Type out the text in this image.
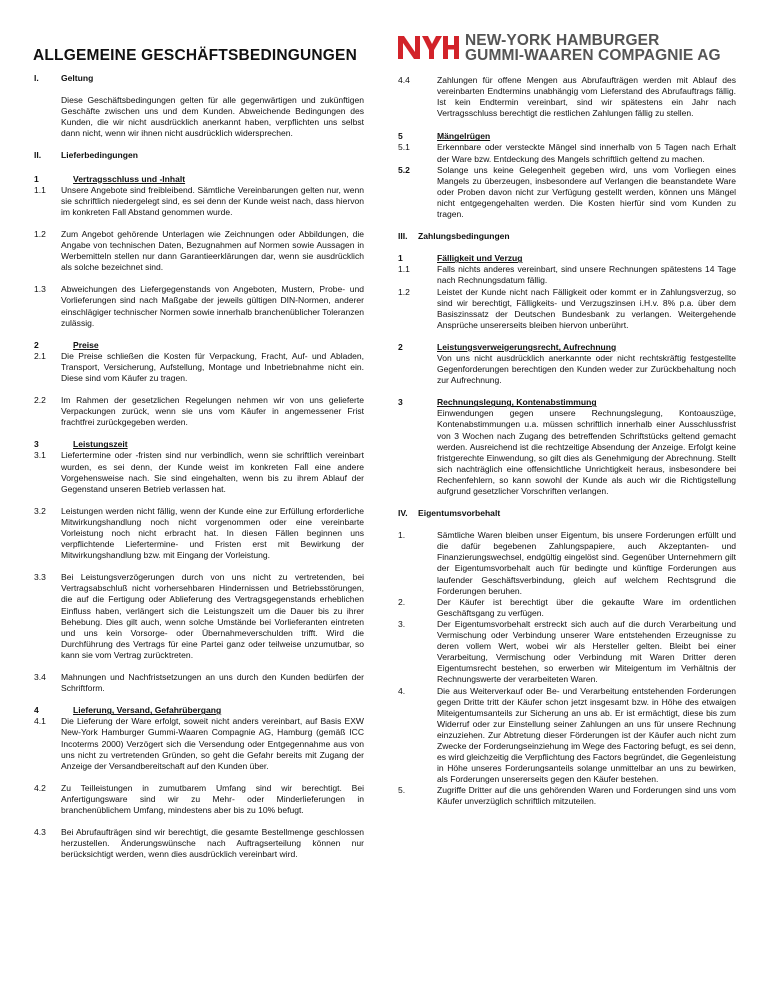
ALLGEMEINE GESCHÄFTSBEDINGUNGEN
NEW-YORK HAMBURGER
GUMMI-WAAREN COMPAGNIE AG
I.	Geltung
Diese Geschäftsbedingungen gelten für alle gegenwärtigen und zukünftigen Geschäfte zwischen uns und dem Kunden. Abweichende Bedingungen des Kunden, die wir nicht ausdrücklich anerkannt haben, verpflichten uns selbst dann nicht, wenn wir ihnen nicht ausdrücklich widersprechen.
II. Lieferbedingungen
1	Vertragsschluss und -Inhalt
1.1 Unsere Angebote sind freibleibend. Sämtliche Vereinbarungen gelten nur, wenn sie schriftlich niedergelegt sind, es sei denn der Kunde weist nach, dass hiervon im konkreten Fall Abstand genommen wurde.
1.2 Zum Angebot gehörende Unterlagen wie Zeichnungen oder Abbildungen, die Angabe von technischen Daten, Bezugnahmen auf Normen sowie Aussagen in Werbemitteln stellen nur dann Garantieerklärungen dar, wenn sie ausdrücklich als solche bezeichnet sind.
1.3 Abweichungen des Liefergegenstands von Angeboten, Mustern, Probe- und Vorlieferungen sind nach Maßgabe der jeweils gültigen DIN-Normen, anderer einschlägiger technischer Normen sowie innerhalb branchenüblicher Toleranzen zulässig.
2	Preise
2.1 Die Preise schließen die Kosten für Verpackung, Fracht, Auf- und Abladen, Transport, Versicherung, Aufstellung, Montage und Inbetriebnahme nicht ein. Diese sind vom Käufer zu tragen.
2.2 Im Rahmen der gesetzlichen Regelungen nehmen wir von uns gelieferte Verpackungen zurück, wenn sie uns vom Käufer in angemessener Frist frachtfrei zurückgegeben werden.
3	Leistungszeit
3.1 Liefertermine oder -fristen sind nur verbindlich, wenn sie schriftlich vereinbart wurden, es sei denn, der Kunde weist im konkreten Fall eine andere Vorgehensweise nach. Sie sind eingehalten, wenn bis zu ihrem Ablauf der Gegenstand unseren Betrieb verlassen hat.
3.2 Leistungen werden nicht fällig, wenn der Kunde eine zur Erfüllung erforderliche Mitwirkungshandlung noch nicht vorgenommen oder eine vereinbarte Vorleistung noch nicht erbracht hat. In diesen Fällen beginnen uns verpflichtende Liefertermine- und Fristen erst mit Bewirkung der Mitwirkungshandlung bzw. mit Eingang der Vorleistung.
3.3 Bei Leistungsverzögerungen durch von uns nicht zu vertretenden, bei Vertragsabschluß nicht vorhersehbaren Hindernissen und Betriebsstörungen, die auf die Fertigung oder Ablieferung des Vertragsgegenstands erheblichen Einfluss haben, verlängert sich die Leistungszeit um die Dauer bis zu ihrer Behebung. Dies gilt auch, wenn solche Umstände bei Vorlieferanten eintreten und uns kein Vorsorge- oder Übernahmeverschulden trifft. Wird die Durchführung des Vertrags für eine Partei ganz oder teilweise unzumutbar, so kann sie vom Vertrag zurücktreten.
3.4 Mahnungen und Nachfristsetzungen an uns durch den Kunden bedürfen der Schriftform.
4	Lieferung, Versand, Gefahrübergang
4.1 Die Lieferung der Ware erfolgt, soweit nicht anders vereinbart, auf Basis EXW New-York Hamburger Gummi-Waaren Compagnie AG, Hamburg (gemäß ICC Incoterms 2000) Verzögert sich die Versendung oder Entgegennahme aus von uns nicht zu vertretenden Gründen, so geht die Gefahr bereits mit Zugang der Anzeige der Versandbereitschaft auf den Kunden über.
4.2 Zu Teilleistungen in zumutbarem Umfang sind wir berechtigt. Bei Anfertigungsware sind wir zu Mehr- oder Minderlieferungen in branchenüblichem Umfang, mindestens aber bis zu 10% befugt.
4.3 Bei Abrufaufträgen sind wir berechtigt, die gesamte Bestellmenge geschlossen herzustellen. Änderungswünsche nach Auftragserteilung können nur berücksichtigt werden, wenn dies ausdrücklich vereinbart wird.
4.4	Zahlungen für offene Mengen aus Abrufaufträgen werden mit Ablauf des vereinbarten Endtermins unabhängig vom Lieferstand des Abrufauftrags fällig. Ist kein Endtermin vereinbart, sind wir spätestens ein Jahr nach Vertragsschluss berechtigt die restlichen Zahlungen fällig zu stellen.
5	Mängelrügen
5.1	Erkennbare oder versteckte Mängel sind innerhalb von 5 Tagen nach Erhalt der Ware bzw. Entdeckung des Mangels schriftlich geltend zu machen.
5.2	Solange uns keine Gelegenheit gegeben wird, uns vom Vorliegen eines Mangels zu überzeugen, insbesondere auf Verlangen die beanstandete Ware oder Proben davon nicht zur Verfügung gestellt werden, können uns Mängel nicht entgegengehalten werden. Die Kosten hierfür sind vom Kunden zu tragen.
III. Zahlungsbedingungen
1	Fälligkeit und Verzug
1.1	Falls nichts anderes vereinbart, sind unsere Rechnungen spätestens 14 Tage nach Rechnungsdatum fällig.
1.2	Leistet der Kunde nicht nach Fälligkeit oder kommt er in Zahlungsverzug, so sind wir berechtigt, Fälligkeits- und Verzugszinsen i.H.v. 8% p.a. über dem Basiszinssatz der Deutschen Bundesbank zu verlangen. Weitergehende Ansprüche unsererseits bleiben hiervon unberührt.
2	Leistungsverweigerungsrecht, Aufrechnung
Von uns nicht ausdrücklich anerkannte oder nicht rechtskräftig festgestellte Gegenforderungen berechtigen den Kunden weder zur Zurückbehaltung noch zur Aufrechnung.
3	Rechnungslegung, Kontenabstimmung
Einwendungen gegen unsere Rechnungslegung, Kontoauszüge, Kontenabstimmungen u.a. müssen schriftlich innerhalb einer Ausschlussfrist von 3 Wochen nach Zugang des betreffenden Schriftstücks geltend gemacht werden. Ausreichend ist die rechtzeitige Absendung der Anzeige. Erfolgt keine fristgerechte Einwendung, so gilt dies als Genehmigung der Abrechnung. Stellt sich nachträglich eine offensichtliche Unrichtigkeit heraus, insbesondere bei Rechenfehlern, so kann sowohl der Kunde als auch wir die Richtigstellung aufgrund gesetzlicher Vorschriften verlangen.
IV. Eigentumsvorbehalt
1.	Sämtliche Waren bleiben unser Eigentum, bis unsere Forderungen erfüllt und die dafür begebenen Zahlungspapiere, auch Akzeptanten- und Finanzierungswechsel, endgültig eingelöst sind. Gegenüber Unternehmern gilt der Eigentumsvorbehalt auch für bedingte und künftige Forderungen aus laufender Geschäftsverbindung, gleich auf welchem Rechtsgrund die Forderungen beruhen.
2.	Der Käufer ist berechtigt über die gekaufte Ware im ordentlichen Geschäftsgang zu verfügen.
3.	Der Eigentumsvorbehalt erstreckt sich auch auf die durch Verarbeitung und Vermischung oder Verbindung unserer Ware entstehenden Erzeugnisse zu deren vollem Wert, wobei wir als Hersteller gelten. Bleibt bei einer Verarbeitung, Vermischung oder Verbindung mit Waren Dritter deren Eigentumsrecht bestehen, so erwerben wir Miteigentum im Verhältnis der Rechnungswerte der verarbeiteten Waren.
4.	Die aus Weiterverkauf oder Be- und Verarbeitung entstehenden Forderungen gegen Dritte tritt der Käufer schon jetzt insgesamt bzw. in Höhe des etwaigen Miteigentumsanteils zur Sicherung an uns ab. Er ist ermächtigt, diese bis zum Widerruf oder zur Einstellung seiner Zahlungen an uns für unsere Rechnung einzuziehen. Zur Abtretung dieser Förderungen ist der Käufer auch nicht zum Zwecke der Forderungseinziehung im Wege des Factoring befugt, es sei denn, es wird gleichzeitig die Verpflichtung des Factors begründet, die Gegenleistung in Höhe unseres Forderungsanteils solange unmittelbar an uns zu bewirken, als Forderungen unsererseits gegen den Käufer bestehen.
5.	Zugriffe Dritter auf die uns gehörenden Waren und Forderungen sind uns vom Käufer unverzüglich schriftlich mitzuteilen.
